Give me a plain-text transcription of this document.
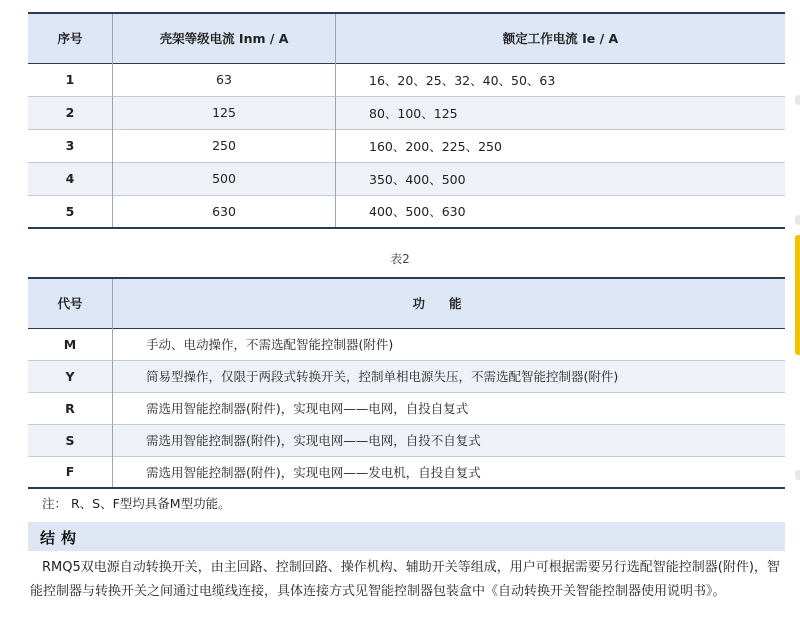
序号	壳架等级电流 Inm / A	额定工作电流 Ie / A
1	63	16、20、25、32、40、50、63
2	125	80、100、125
3	250	160、200、225、250
4	500	350、400、500
5	630	400、500、630
表2
代号	功能
M	手动、电动操作，不需选配智能控制器(附件)
Y	简易型操作，仅限于两段式转换开关，控制单相电源失压，不需选配智能控制器(附件)
R	需选用智能控制器(附件)，实现电网——电网，自投自复式
S	需选用智能控制器(附件)，实现电网——电网，自投不自复式
F	需选用智能控制器(附件)，实现电网——发电机，自投自复式
注： R、S、F型均具备M型功能。
结构
RMQ5双电源自动转换开关，由主回路、控制回路、操作机构、辅助开关等组成，用户可根据需要另行选配智能控制器(附件)，智能控制器与转换开关之间通过电缆线连接，具体连接方式见智能控制器包装盒中《自动转换开关智能控制器使用说明书》。
